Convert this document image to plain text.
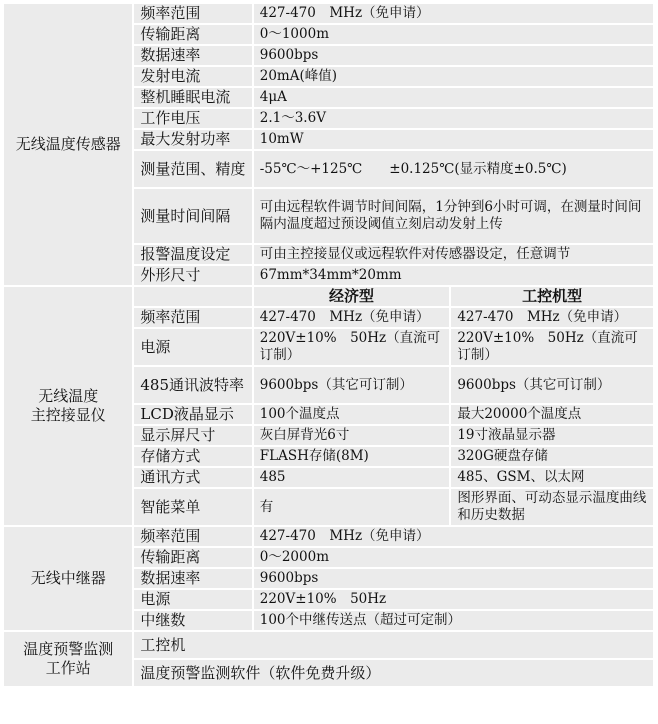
无线温度传感器	频率范围	427-470　MHz（免申请）	
	传输距离	0～1000m	
	数据速率	9600bps	
	发射电流	20mA(峰值)	
	整机睡眠电流	4μA	
	工作电压	2.1～3.6V	
	最大发射功率	10mW	
	测量范围、精度	-55℃～+125℃　　±0.125℃(显示精度±0.5℃)	
	测量时间间隔	可由远程软件调节时间间隔，1分钟到6小时可调，在测量时间间隔内温度超过预设阈值立刻启动发射上传	
	报警温度设定	可由主控接显仪或远程软件对传感器设定，任意调节	
	外形尺寸	67mm*34mm*20mm	
无线温度
主控接显仪		经济型	工控机型
	频率范围	427-470　MHz（免申请）	427-470　MHz（免申请）
	电源	220V±10%　50Hz（直流可订制）	220V±10%　50Hz（直流可订制）
	485通讯波特率	9600bps（其它可订制）	9600bps（其它可订制）
	LCD液晶显示	100个温度点	最大20000个温度点
	显示屏尺寸	灰白屏背光6寸	19寸液晶显示器
	存储方式	FLASH存储(8M)	320G硬盘存储
	通讯方式	485	485、GSM、以太网
	智能菜单	有	图形界面、可动态显示温度曲线和历史数据
无线中继器	频率范围	427-470　MHz（免申请）	
	传输距离	0～2000m	
	数据速率	9600bps	
	电源	220V±10%　50Hz	
	中继数	100个中继传送点（超过可定制）	
温度预警监测
工作站	工控机		
	温度预警监测软件（软件免费升级）		
